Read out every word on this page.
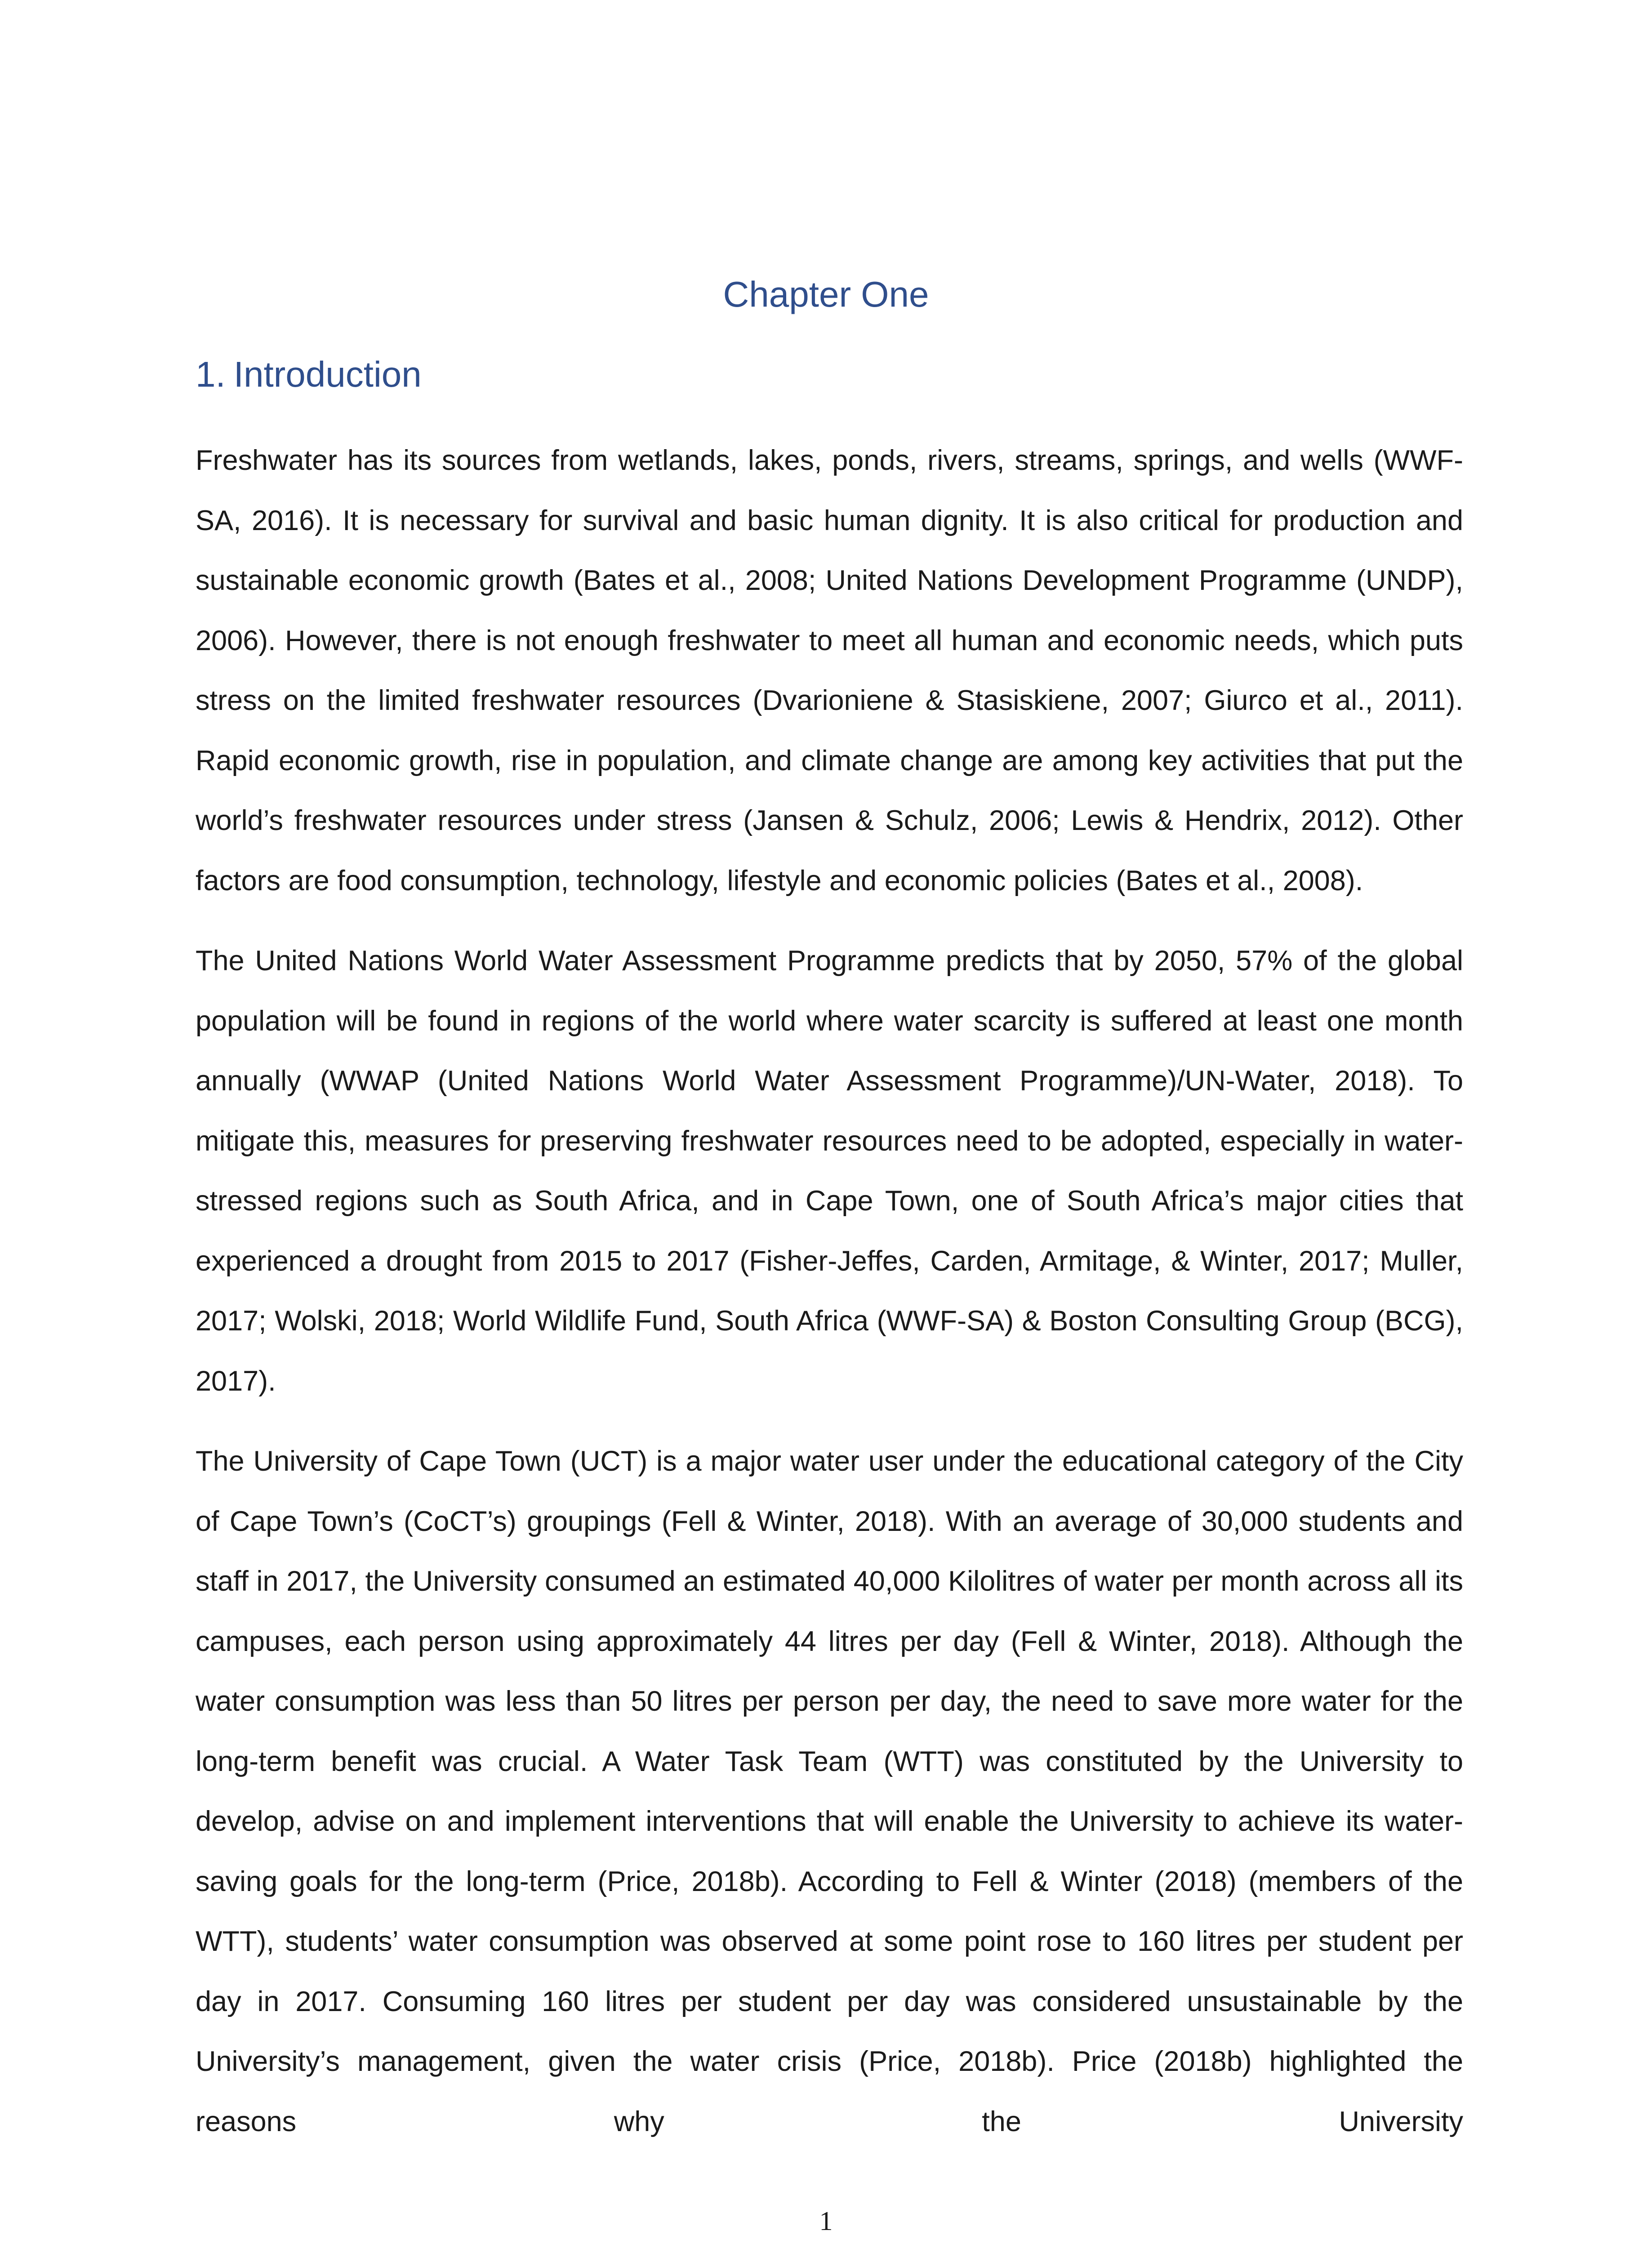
Chapter One
1. Introduction

Freshwater has its sources from wetlands, lakes, ponds, rivers, streams, springs, and wells (WWF-SA, 2016). It is necessary for survival and basic human dignity. It is also critical for production and sustainable economic growth (Bates et al., 2008; United Nations Development Programme (UNDP), 2006). However, there is not enough freshwater to meet all human and economic needs, which puts stress on the limited freshwater resources (Dvarioniene & Stasiskiene, 2007; Giurco et al., 2011). Rapid economic growth, rise in population, and climate change are among key activities that put the world’s freshwater resources under stress (Jansen & Schulz, 2006; Lewis & Hendrix, 2012). Other factors are food consumption, technology, lifestyle and economic policies (Bates et al., 2008).

The United Nations World Water Assessment Programme predicts that by 2050, 57% of the global population will be found in regions of the world where water scarcity is suffered at least one month annually (WWAP (United Nations World Water Assessment Programme)/UN-Water, 2018). To mitigate this, measures for preserving freshwater resources need to be adopted, especially in water-stressed regions such as South Africa, and in Cape Town, one of South Africa’s major cities that experienced a drought from 2015 to 2017 (Fisher-Jeffes, Carden, Armitage, & Winter, 2017; Muller, 2017; Wolski, 2018; World Wildlife Fund, South Africa (WWF-SA) & Boston Consulting Group (BCG), 2017).

The University of Cape Town (UCT) is a major water user under the educational category of the City of Cape Town’s (CoCT’s) groupings (Fell & Winter, 2018). With an average of 30,000 students and staff in 2017, the University consumed an estimated 40,000 Kilolitres of water per month across all its campuses, each person using approximately 44 litres per day (Fell & Winter, 2018). Although the water consumption was less than 50 litres per person per day, the need to save more water for the long-term benefit was crucial. A Water Task Team (WTT) was constituted by the University to develop, advise on and implement interventions that will enable the University to achieve its water-saving goals for the long-term (Price, 2018b). According to Fell & Winter (2018) (members of the WTT), students’ water consumption was observed at some point rose to 160 litres per student per day in 2017. Consuming 160 litres per student per day was considered unsustainable by the University’s management, given the water crisis (Price, 2018b). Price (2018b) highlighted the reasons why the University

1
